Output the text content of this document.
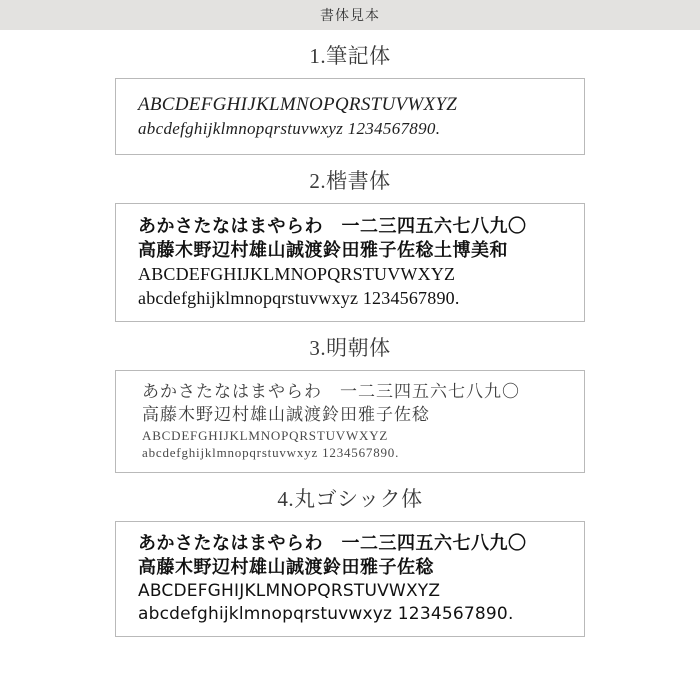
書体見本
1.筆記体
ABCDEFGHIJKLMNOPQRSTUVWXYZ
abcdefghijklmnopqrstuvwxyz 1234567890.
2.楷書体
あかさたなはまやらわ　一二三四五六七八九〇
高藤木野辺村雄山誠渡鈴田雅子佐稔土博美和
ABCDEFGHIJKLMNOPQRSTUVWXYZ
abcdefghijklmnopqrstuvwxyz 1234567890.
3.明朝体
あかさたなはまやらわ　一二三四五六七八九〇
高藤木野辺村雄山誠渡鈴田雅子佐稔
ABCDEFGHIJKLMNOPQRSTUVWXYZ
abcdefghijklmnopqrstuvwxyz 1234567890.
4.丸ゴシック体
あかさたなはまやらわ　一二三四五六七八九〇
高藤木野辺村雄山誠渡鈴田雅子佐稔
ABCDEFGHIJKLMNOPQRSTUVWXYZ
abcdefghijklmnopqrstuvwxyz 1234567890.
